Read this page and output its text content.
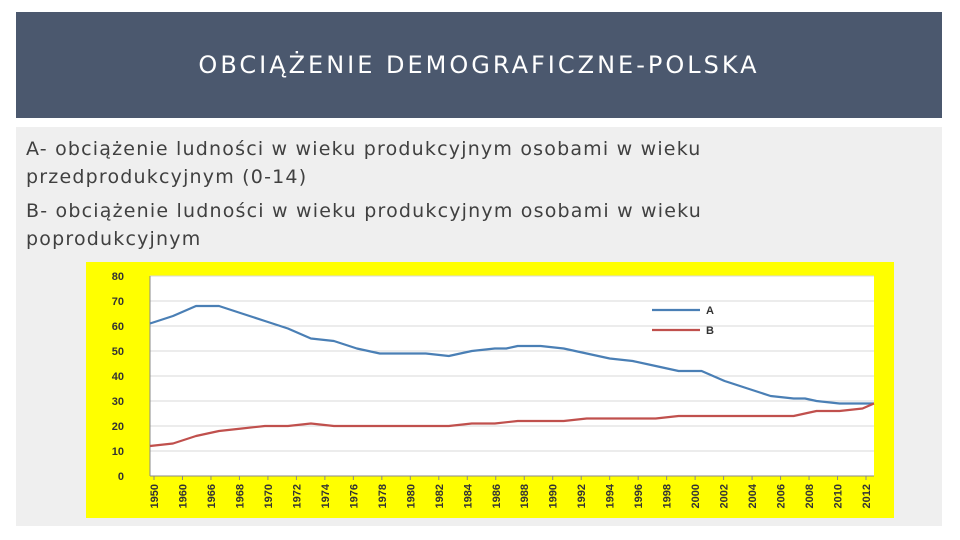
OBCIĄŻENIE DEMOGRAFICZNE-POLSKA
A- obciążenie ludności w wieku produkcyjnym osobami w wieku przedprodukcyjnym (0-14)
B- obciążenie ludności w wieku produkcyjnym osobami w wieku poprodukcyjnym
0
10
20
30
40
50
60
70
80
1950 1960 1966 1968 1970 1972 1974 1976 1978 1980 1982 1984 1986 1988 1990 1992 1994 1996 1998 2000 2002 2004 2006 2008 2010 2012
A
B
